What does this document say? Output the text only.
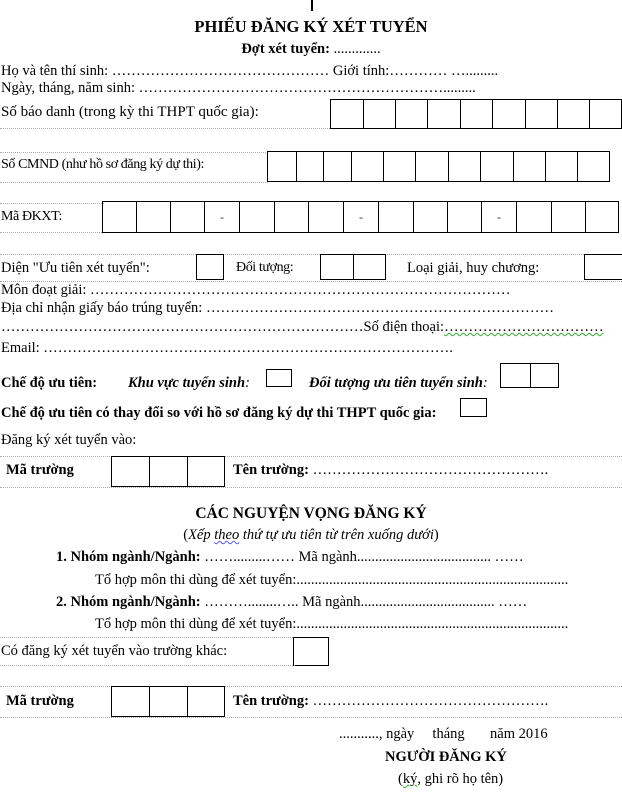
PHIẾU ĐĂNG KÝ XÉT TUYỂN
Đợt xét tuyển: .............
Họ và tên thí sinh: ……………………………………… Giới tính:………… ….........
Ngày, tháng, năm sinh: ……………………………………………………….........
Số báo danh (trong kỳ thi THPT quốc gia):
Số CMND (như hồ sơ đăng ký dự thi):
Mã ĐKXT:	-	-	-
Diện "Ưu tiên xét tuyển":	Đối tượng:	Loại giải, huy chương:
Môn đoạt giải: ……………………………………………………………………………
Địa chỉ nhận giấy báo trúng tuyển: ………………………………………………………………
…………………………………………………………………Số điện thoại:……………………………
Email: ………………………………………………………………………….
Chế độ ưu tiên: Khu vực tuyển sinh:	Đối tượng ưu tiên tuyển sinh:
Chế độ ưu tiên có thay đổi so với hồ sơ đăng ký dự thi THPT quốc gia:
Đăng ký xét tuyển vào:
Mã trường	Tên trường: ………………………………………….
CÁC NGUYỆN VỌNG ĐĂNG KÝ
(Xếp theo thứ tự ưu tiên từ trên xuống dưới)
1. Nhóm ngành/Ngành: …….........…… Mã ngành..................................... ……
Tổ hợp môn thi dùng để xét tuyển:...........................................................................
2. Nhóm ngành/Ngành: ………........….. Mã ngành..................................... ……
Tổ hợp môn thi dùng để xét tuyển:...........................................................................
Có đăng ký xét tuyển vào trường khác:
Mã trường	Tên trường: ………………………………………….
..........., ngày     tháng       năm 2016
NGƯỜI ĐĂNG KÝ
(ký, ghi rõ họ tên)
